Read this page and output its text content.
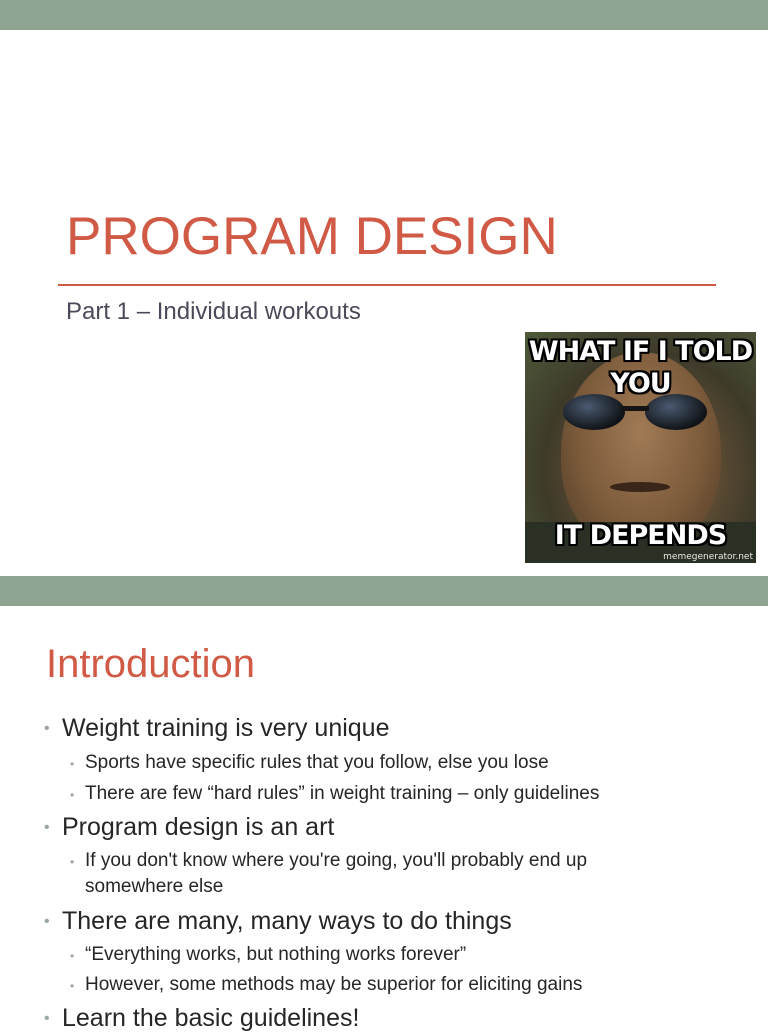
PROGRAM DESIGN

Part 1 – Individual workouts

WHAT IF I TOLD
YOU
IT DEPENDS
memegenerator.net
Introduction
Weight training is very unique
Sports have specific rules that you follow, else you lose
There are few “hard rules” in weight training – only guidelines
Program design is an art
If you don't know where you're going, you'll probably end up
somewhere else
There are many, many ways to do things
“Everything works, but nothing works forever”
However, some methods may be superior for eliciting gains
Learn the basic guidelines!
